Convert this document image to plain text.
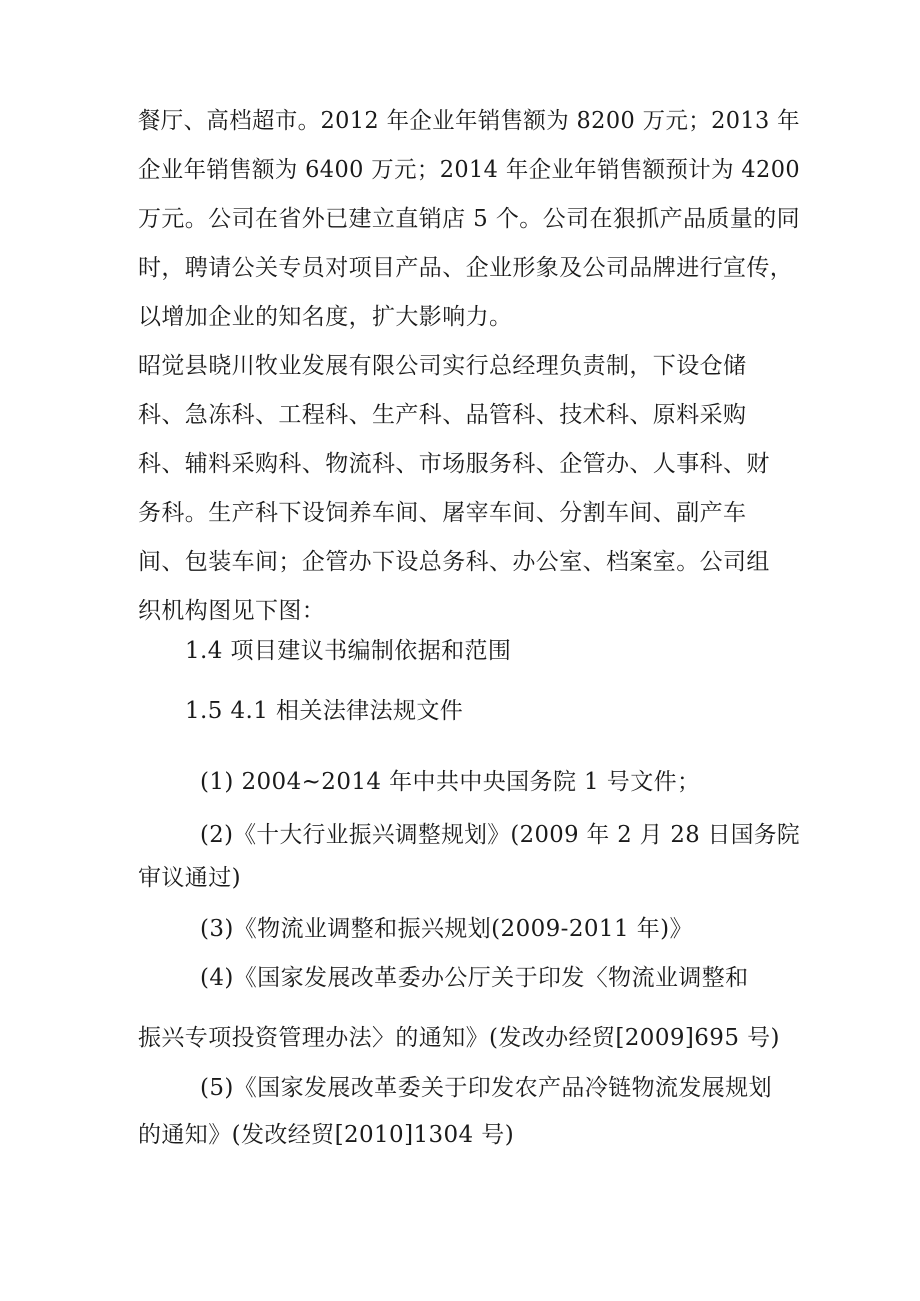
餐厅、高档超市。2012 年企业年销售额为 8200 万元；2013 年
企业年销售额为 6400 万元；2014 年企业年销售额预计为 4200
万元。公司在省外已建立直销店 5 个。公司在狠抓产品质量的同
时，聘请公关专员对项目产品、企业形象及公司品牌进行宣传，
以增加企业的知名度，扩大影响力。
昭觉县晓川牧业发展有限公司实行总经理负责制，下设仓储
科、急冻科、工程科、生产科、品管科、技术科、原料采购
科、辅料采购科、物流科、市场服务科、企管办、人事科、财
务科。生产科下设饲养车间、屠宰车间、分割车间、副产车
间、包装车间；企管办下设总务科、办公室、档案室。公司组
织机构图见下图：
1.4 项目建议书编制依据和范围
1.5 4.1 相关法律法规文件
(1) 2004~2014 年中共中央国务院 1 号文件；
(2)《十大行业振兴调整规划》(2009 年 2 月 28 日国务院
审议通过)
(3)《物流业调整和振兴规划(2009-2011 年)》
(4)《国家发展改革委办公厅关于印发〈物流业调整和
振兴专项投资管理办法〉的通知》(发改办经贸[2009]695 号)
(5)《国家发展改革委关于印发农产品冷链物流发展规划
的通知》(发改经贸[2010]1304 号)
